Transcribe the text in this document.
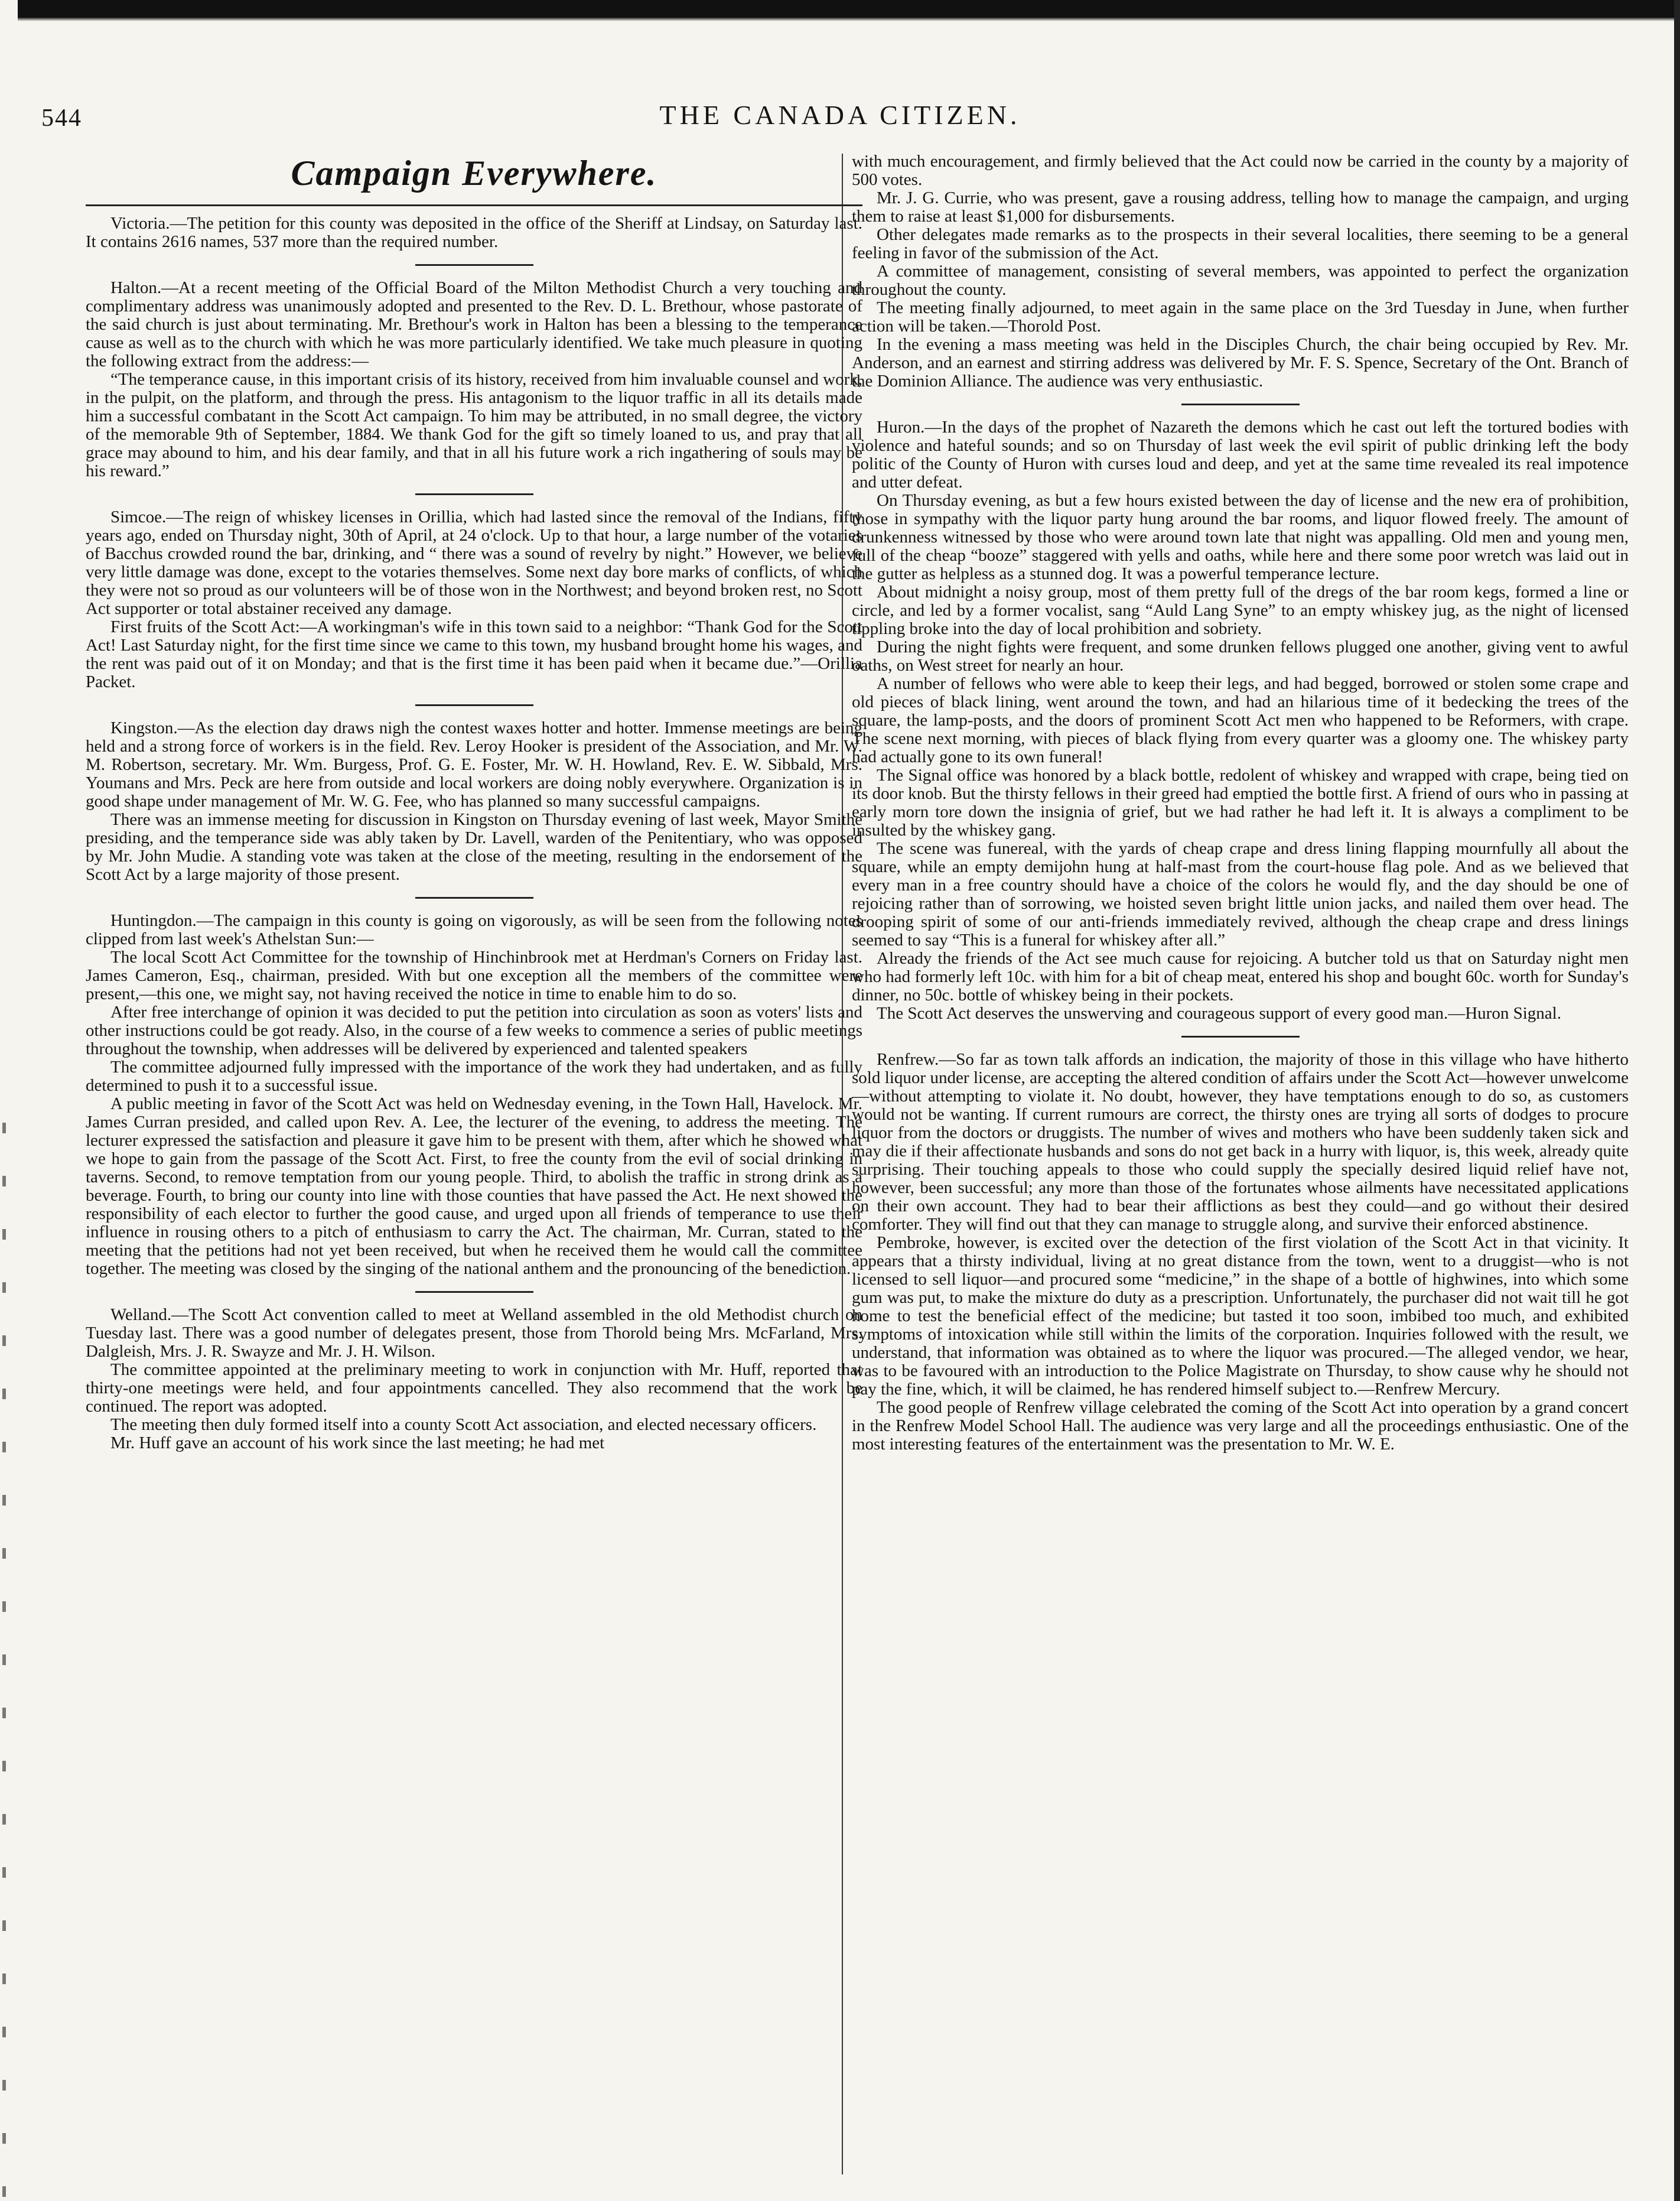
544	THE CANADA CITIZEN.
Campaign Everywhere.

Victoria.—The petition for this county was deposited in the office of the Sheriff at Lindsay, on Saturday last. It contains 2616 names, 537 more than the required number.

Halton.—At a recent meeting of the Official Board of the Milton Methodist Church a very touching and complimentary address was unanimously adopted and presented to the Rev. D. L. Brethour, whose pastorate of the said church is just about terminating. Mr. Brethour's work in Halton has been a blessing to the temperance cause as well as to the church with which he was more particularly identified. We take much pleasure in quoting the following extract from the address:—

“The temperance cause, in this important crisis of its history, received from him invaluable counsel and work, in the pulpit, on the platform, and through the press. His antagonism to the liquor traffic in all its details made him a successful combatant in the Scott Act campaign. To him may be attributed, in no small degree, the victory of the memorable 9th of September, 1884. We thank God for the gift so timely loaned to us, and pray that all grace may abound to him, and his dear family, and that in all his future work a rich ingathering of souls may be his reward.”

Simcoe.—The reign of whiskey licenses in Orillia, which had lasted since the removal of the Indians, fifty years ago, ended on Thursday night, 30th of April, at 24 o'clock. Up to that hour, a large number of the votaries of Bacchus crowded round the bar, drinking, and “ there was a sound of revelry by night.” However, we believe very little damage was done, except to the votaries themselves. Some next day bore marks of conflicts, of which they were not so proud as our volunteers will be of those won in the Northwest; and beyond broken rest, no Scott Act supporter or total abstainer received any damage.

First fruits of the Scott Act:—A workingman's wife in this town said to a neighbor: “Thank God for the Scott Act! Last Saturday night, for the first time since we came to this town, my husband brought home his wages, and the rent was paid out of it on Monday; and that is the first time it has been paid when it became due.”—Orillia Packet.

Kingston.—As the election day draws nigh the contest waxes hotter and hotter. Immense meetings are being held and a strong force of workers is in the field. Rev. Leroy Hooker is president of the Association, and Mr. W. M. Robertson, secretary. Mr. Wm. Burgess, Prof. G. E. Foster, Mr. W. H. Howland, Rev. E. W. Sibbald, Mrs. Youmans and Mrs. Peck are here from outside and local workers are doing nobly everywhere. Organization is in good shape under management of Mr. W. G. Fee, who has planned so many successful campaigns.

There was an immense meeting for discussion in Kingston on Thursday evening of last week, Mayor Smithe presiding, and the temperance side was ably taken by Dr. Lavell, warden of the Penitentiary, who was opposed by Mr. John Mudie. A standing vote was taken at the close of the meeting, resulting in the endorsement of the Scott Act by a large majority of those present.

Huntingdon.—The campaign in this county is going on vigorously, as will be seen from the following notes clipped from last week's Athelstan Sun:—

The local Scott Act Committee for the township of Hinchinbrook met at Herdman's Corners on Friday last. James Cameron, Esq., chairman, presided. With but one exception all the members of the committee were present,—this one, we might say, not having received the notice in time to enable him to do so.

After free interchange of opinion it was decided to put the petition into circulation as soon as voters' lists and other instructions could be got ready. Also, in the course of a few weeks to commence a series of public meetings throughout the township, when addresses will be delivered by experienced and talented speakers

The committee adjourned fully impressed with the importance of the work they had undertaken, and as fully determined to push it to a successful issue.

A public meeting in favor of the Scott Act was held on Wednesday evening, in the Town Hall, Havelock. Mr. James Curran presided, and called upon Rev. A. Lee, the lecturer of the evening, to address the meeting. The lecturer expressed the satisfaction and pleasure it gave him to be present with them, after which he showed what we hope to gain from the passage of the Scott Act. First, to free the county from the evil of social drinking in taverns. Second, to remove temptation from our young people. Third, to abolish the traffic in strong drink as a beverage. Fourth, to bring our county into line with those counties that have passed the Act. He next showed the responsibility of each elector to further the good cause, and urged upon all friends of temperance to use their influence in rousing others to a pitch of enthusiasm to carry the Act. The chairman, Mr. Curran, stated to the meeting that the petitions had not yet been received, but when he received them he would call the committee together. The meeting was closed by the singing of the national anthem and the pronouncing of the benediction.

Welland.—The Scott Act convention called to meet at Welland assembled in the old Methodist church on Tuesday last. There was a good number of delegates present, those from Thorold being Mrs. McFarland, Mrs. Dalgleish, Mrs. J. R. Swayze and Mr. J. H. Wilson.

The committee appointed at the preliminary meeting to work in conjunction with Mr. Huff, reported that thirty-one meetings were held, and four appointments cancelled. They also recommend that the work be continued. The report was adopted.

The meeting then duly formed itself into a county Scott Act association, and elected necessary officers.

Mr. Huff gave an account of his work since the last meeting; he had met

with much encouragement, and firmly believed that the Act could now be carried in the county by a majority of 500 votes.

Mr. J. G. Currie, who was present, gave a rousing address, telling how to manage the campaign, and urging them to raise at least $1,000 for disbursements.

Other delegates made remarks as to the prospects in their several localities, there seeming to be a general feeling in favor of the submission of the Act.

A committee of management, consisting of several members, was appointed to perfect the organization throughout the county.

The meeting finally adjourned, to meet again in the same place on the 3rd Tuesday in June, when further action will be taken.—Thorold Post.

In the evening a mass meeting was held in the Disciples Church, the chair being occupied by Rev. Mr. Anderson, and an earnest and stirring address was delivered by Mr. F. S. Spence, Secretary of the Ont. Branch of the Dominion Alliance. The audience was very enthusiastic.

Huron.—In the days of the prophet of Nazareth the demons which he cast out left the tortured bodies with violence and hateful sounds; and so on Thursday of last week the evil spirit of public drinking left the body politic of the County of Huron with curses loud and deep, and yet at the same time revealed its real impotence and utter defeat.

On Thursday evening, as but a few hours existed between the day of license and the new era of prohibition, those in sympathy with the liquor party hung around the bar rooms, and liquor flowed freely. The amount of drunkenness witnessed by those who were around town late that night was appalling. Old men and young men, full of the cheap “booze” staggered with yells and oaths, while here and there some poor wretch was laid out in the gutter as helpless as a stunned dog. It was a powerful temperance lecture.

About midnight a noisy group, most of them pretty full of the dregs of the bar room kegs, formed a line or circle, and led by a former vocalist, sang “Auld Lang Syne” to an empty whiskey jug, as the night of licensed tippling broke into the day of local prohibition and sobriety.

During the night fights were frequent, and some drunken fellows plugged one another, giving vent to awful oaths, on West street for nearly an hour.

A number of fellows who were able to keep their legs, and had begged, borrowed or stolen some crape and old pieces of black lining, went around the town, and had an hilarious time of it bedecking the trees of the square, the lamp-posts, and the doors of prominent Scott Act men who happened to be Reformers, with crape. The scene next morning, with pieces of black flying from every quarter was a gloomy one. The whiskey party had actually gone to its own funeral!

The Signal office was honored by a black bottle, redolent of whiskey and wrapped with crape, being tied on its door knob. But the thirsty fellows in their greed had emptied the bottle first. A friend of ours who in passing at early morn tore down the insignia of grief, but we had rather he had left it. It is always a compliment to be insulted by the whiskey gang.

The scene was funereal, with the yards of cheap crape and dress lining flapping mournfully all about the square, while an empty demijohn hung at half-mast from the court-house flag pole. And as we believed that every man in a free country should have a choice of the colors he would fly, and the day should be one of rejoicing rather than of sorrowing, we hoisted seven bright little union jacks, and nailed them over head. The drooping spirit of some of our anti-friends immediately revived, although the cheap crape and dress linings seemed to say “This is a funeral for whiskey after all.”

Already the friends of the Act see much cause for rejoicing. A butcher told us that on Saturday night men who had formerly left 10c. with him for a bit of cheap meat, entered his shop and bought 60c. worth for Sunday's dinner, no 50c. bottle of whiskey being in their pockets.

The Scott Act deserves the unswerving and courageous support of every good man.—Huron Signal.

Renfrew.—So far as town talk affords an indication, the majority of those in this village who have hitherto sold liquor under license, are accepting the altered condition of affairs under the Scott Act—however unwelcome—without attempting to violate it. No doubt, however, they have temptations enough to do so, as customers would not be wanting. If current rumours are correct, the thirsty ones are trying all sorts of dodges to procure liquor from the doctors or druggists. The number of wives and mothers who have been suddenly taken sick and may die if their affectionate husbands and sons do not get back in a hurry with liquor, is, this week, already quite surprising. Their touching appeals to those who could supply the specially desired liquid relief have not, however, been successful; any more than those of the fortunates whose ailments have necessitated applications on their own account. They had to bear their afflictions as best they could—and go without their desired comforter. They will find out that they can manage to struggle along, and survive their enforced abstinence.

Pembroke, however, is excited over the detection of the first violation of the Scott Act in that vicinity. It appears that a thirsty individual, living at no great distance from the town, went to a druggist—who is not licensed to sell liquor—and procured some “medicine,” in the shape of a bottle of highwines, into which some gum was put, to make the mixture do duty as a prescription. Unfortunately, the purchaser did not wait till he got home to test the beneficial effect of the medicine; but tasted it too soon, imbibed too much, and exhibited symptoms of intoxication while still within the limits of the corporation. Inquiries followed with the result, we understand, that information was obtained as to where the liquor was procured.—The alleged vendor, we hear, was to be favoured with an introduction to the Police Magistrate on Thursday, to show cause why he should not pay the fine, which, it will be claimed, he has rendered himself subject to.—Renfrew Mercury.

The good people of Renfrew village celebrated the coming of the Scott Act into operation by a grand concert in the Renfrew Model School Hall. The audience was very large and all the proceedings enthusiastic. One of the most interesting features of the entertainment was the presentation to Mr. W. E.
